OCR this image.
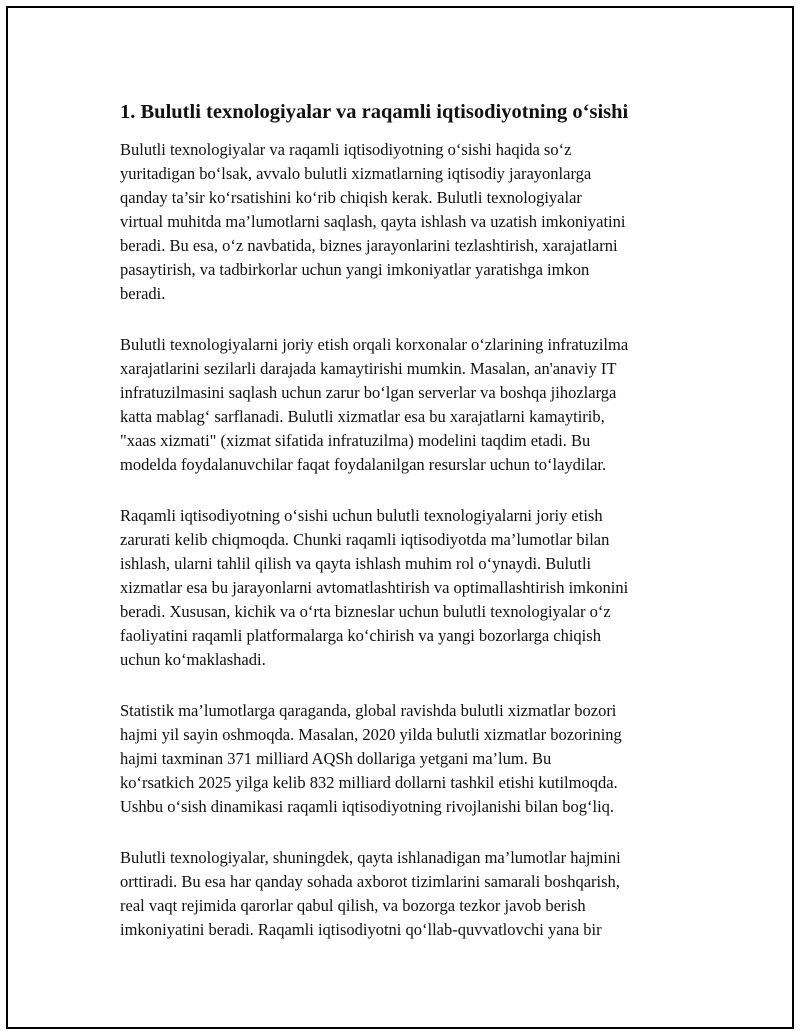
1. Bulutli texnologiyalar va raqamli iqtisodiyotning o‘sishi
Bulutli texnologiyalar va raqamli iqtisodiyotning o‘sishi haqida so‘z
yuritadigan bo‘lsak, avvalo bulutli xizmatlarning iqtisodiy jarayonlarga
qanday ta’sir ko‘rsatishini ko‘rib chiqish kerak. Bulutli texnologiyalar
virtual muhitda ma’lumotlarni saqlash, qayta ishlash va uzatish imkoniyatini
beradi. Bu esa, o‘z navbatida, biznes jarayonlarini tezlashtirish, xarajatlarni
pasaytirish, va tadbirkorlar uchun yangi imkoniyatlar yaratishga imkon
beradi.
Bulutli texnologiyalarni joriy etish orqali korxonalar o‘zlarining infratuzilma
xarajatlarini sezilarli darajada kamaytirishi mumkin. Masalan, an'anaviy IT
infratuzilmasini saqlash uchun zarur bo‘lgan serverlar va boshqa jihozlarga
katta mablag‘ sarflanadi. Bulutli xizmatlar esa bu xarajatlarni kamaytirib,
"xaas xizmati" (xizmat sifatida infratuzilma) modelini taqdim etadi. Bu
modelda foydalanuvchilar faqat foydalanilgan resurslar uchun to‘laydilar.
Raqamli iqtisodiyotning o‘sishi uchun bulutli texnologiyalarni joriy etish
zarurati kelib chiqmoqda. Chunki raqamli iqtisodiyotda ma’lumotlar bilan
ishlash, ularni tahlil qilish va qayta ishlash muhim rol o‘ynaydi. Bulutli
xizmatlar esa bu jarayonlarni avtomatlashtirish va optimallashtirish imkonini
beradi. Xususan, kichik va o‘rta bizneslar uchun bulutli texnologiyalar o‘z
faoliyatini raqamli platformalarga ko‘chirish va yangi bozorlarga chiqish
uchun ko‘maklashadi.
Statistik ma’lumotlarga qaraganda, global ravishda bulutli xizmatlar bozori
hajmi yil sayin oshmoqda. Masalan, 2020 yilda bulutli xizmatlar bozorining
hajmi taxminan 371 milliard AQSh dollariga yetgani ma’lum. Bu
ko‘rsatkich 2025 yilga kelib 832 milliard dollarni tashkil etishi kutilmoqda.
Ushbu o‘sish dinamikasi raqamli iqtisodiyotning rivojlanishi bilan bog‘liq.
Bulutli texnologiyalar, shuningdek, qayta ishlanadigan ma’lumotlar hajmini
orttiradi. Bu esa har qanday sohada axborot tizimlarini samarali boshqarish,
real vaqt rejimida qarorlar qabul qilish, va bozorga tezkor javob berish
imkoniyatini beradi. Raqamli iqtisodiyotni qo‘llab-quvvatlovchi yana bir
